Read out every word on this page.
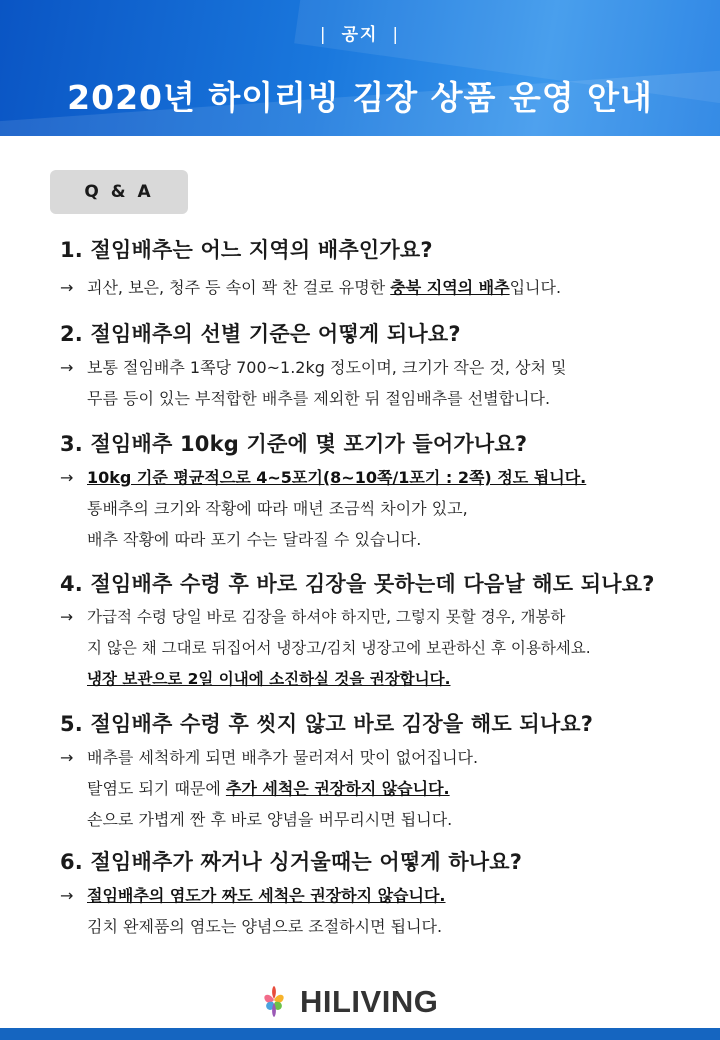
| 공지 |
2020년 하이리빙 김장 상품 운영 안내
Q & A

1. 절임배추는 어느 지역의 배추인가요?

→ 괴산, 보은, 청주 등 속이 꽉 찬 걸로 유명한 충북 지역의 배추입니다.

2. 절임배추의 선별 기준은 어떻게 되나요?

→ 보통 절임배추 1쪽당 700~1.2kg 정도이며, 크기가 작은 것, 상처 및
무름 등이 있는 부적합한 배추를 제외한 뒤 절임배추를 선별합니다.

3. 절임배추 10kg 기준에 몇 포기가 들어가나요?

→ 10kg 기준 평균적으로 4~5포기(8~10쪽/1포기 : 2쪽) 정도 됩니다.
통배추의 크기와 작황에 따라 매년 조금씩 차이가 있고,
배추 작황에 따라 포기 수는 달라질 수 있습니다.

4. 절임배추 수령 후 바로 김장을 못하는데 다음날 해도 되나요?

→ 가급적 수령 당일 바로 김장을 하셔야 하지만, 그렇지 못할 경우, 개봉하
지 않은 채 그대로 뒤집어서 냉장고/김치 냉장고에 보관하신 후 이용하세요.
냉장 보관으로 2일 이내에 소진하실 것을 권장합니다.

5. 절임배추 수령 후 씻지 않고 바로 김장을 해도 되나요?

→ 배추를 세척하게 되면 배추가 물러져서 맛이 없어집니다.
탈염도 되기 때문에 추가 세척은 권장하지 않습니다.
손으로 가볍게 짠 후 바로 양념을 버무리시면 됩니다.

6. 절임배추가 짜거나 싱거울때는 어떻게 하나요?

→ 절임배추의 염도가 짜도 세척은 권장하지 않습니다.
김치 완제품의 염도는 양념으로 조절하시면 됩니다.
HILIVING
